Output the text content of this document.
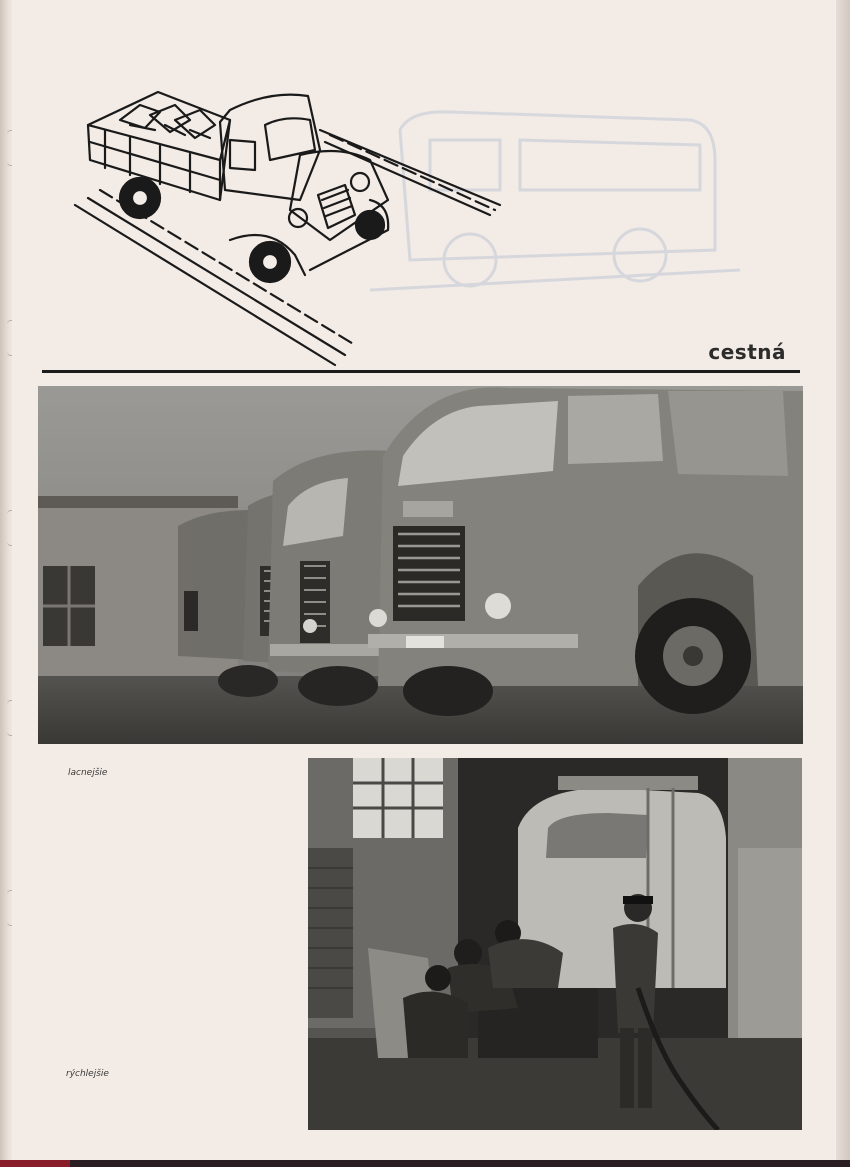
cestná
lacnejšie
rýchlejšie
